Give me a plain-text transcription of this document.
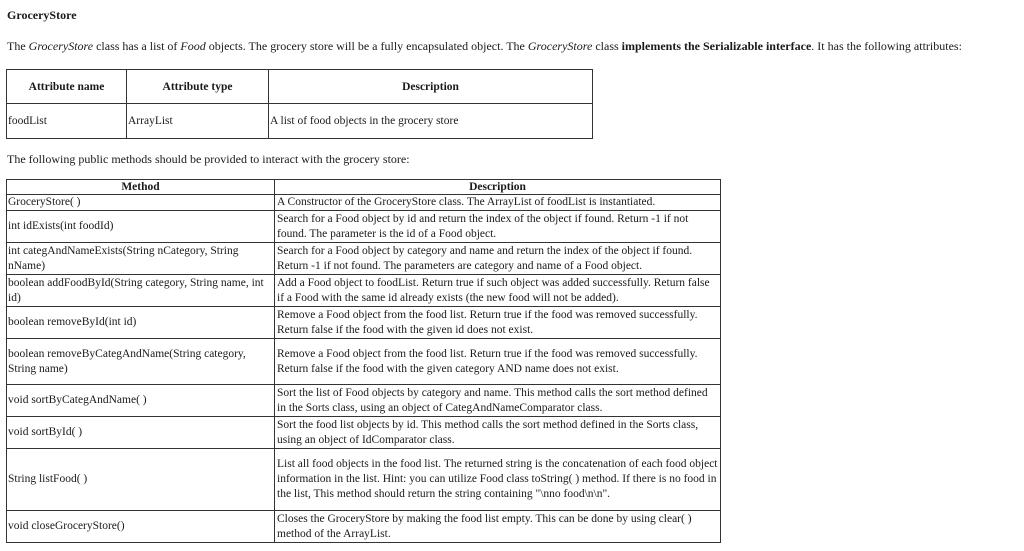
GroceryStore
The GroceryStore class has a list of Food objects. The grocery store will be a fully encapsulated object. The GroceryStore class implements the Serializable interface. It has the following attributes:
Attribute name	Attribute type	Description
foodList	ArrayList	A list of food objects in the grocery store
The following public methods should be provided to interact with the grocery store:
Method	Description
GroceryStore( )	A Constructor of the GroceryStore class. The ArrayList of foodList is instantiated.
int idExists(int foodId)	Search for a Food object by id and return the index of the object if found. Return -1 if not found. The parameter is the id of a Food object.
int categAndNameExists(String nCategory, String nName)	Search for a Food object by category and name and return the index of the object if found. Return -1 if not found. The parameters are category and name of a Food object.
boolean addFoodById(String category, String name, int id)	Add a Food object to foodList. Return true if such object was added successfully. Return false if a Food with the same id already exists (the new food will not be added).
boolean removeById(int id)	Remove a Food object from the food list. Return true if the food was removed successfully. Return false if the food with the given id does not exist.
boolean removeByCategAndName(String category, String name)	Remove a Food object from the food list. Return true if the food was removed successfully. Return false if the food with the given category AND name does not exist.
void sortByCategAndName( )	Sort the list of Food objects by category and name. This method calls the sort method defined in the Sorts class, using an object of CategAndNameComparator class.
void sortById( )	Sort the food list objects by id. This method calls the sort method defined in the Sorts class, using an object of IdComparator class.
String listFood( )	List all food objects in the food list. The returned string is the concatenation of each food object information in the list. Hint: you can utilize Food class toString( ) method. If there is no food in the list, This method should return the string containing "\nno food\n\n".
void closeGroceryStore()	Closes the GroceryStore by making the food list empty. This can be done by using clear( ) method of the ArrayList.
